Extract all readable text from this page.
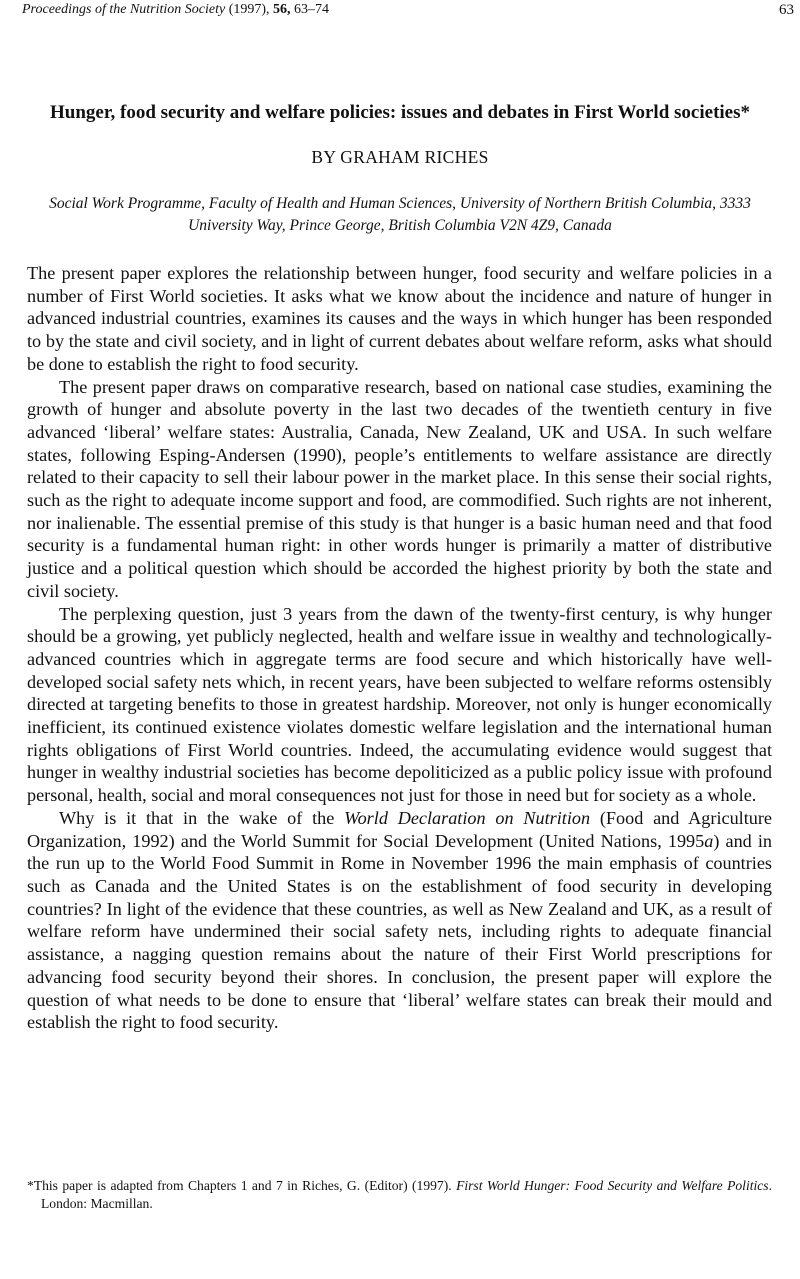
Proceedings of the Nutrition Society (1997), 56, 63–74	63
Hunger, food security and welfare policies: issues and debates in First World societies*
BY GRAHAM RICHES
Social Work Programme, Faculty of Health and Human Sciences, University of Northern British Columbia, 3333 University Way, Prince George, British Columbia V2N 4Z9, Canada

The present paper explores the relationship between hunger, food security and welfare policies in a number of First World societies. It asks what we know about the incidence and nature of hunger in advanced industrial countries, examines its causes and the ways in which hunger has been responded to by the state and civil society, and in light of current debates about welfare reform, asks what should be done to establish the right to food security.

The present paper draws on comparative research, based on national case studies, examining the growth of hunger and absolute poverty in the last two decades of the twentieth century in five advanced ‘liberal’ welfare states: Australia, Canada, New Zealand, UK and USA. In such welfare states, following Esping-Andersen (1990), people’s entitlements to welfare assistance are directly related to their capacity to sell their labour power in the market place. In this sense their social rights, such as the right to adequate income support and food, are commodified. Such rights are not inherent, nor inalienable. The essential premise of this study is that hunger is a basic human need and that food security is a fundamental human right: in other words hunger is primarily a matter of distributive justice and a political question which should be accorded the highest priority by both the state and civil society.

The perplexing question, just 3 years from the dawn of the twenty-first century, is why hunger should be a growing, yet publicly neglected, health and welfare issue in wealthy and technologically-advanced countries which in aggregate terms are food secure and which historically have well-developed social safety nets which, in recent years, have been subjected to welfare reforms ostensibly directed at targeting benefits to those in greatest hardship. Moreover, not only is hunger economically inefficient, its continued existence violates domestic welfare legislation and the international human rights obligations of First World countries. Indeed, the accumulating evidence would suggest that hunger in wealthy industrial societies has become depoliticized as a public policy issue with profound personal, health, social and moral consequences not just for those in need but for society as a whole.

Why is it that in the wake of the World Declaration on Nutrition (Food and Agriculture Organization, 1992) and the World Summit for Social Development (United Nations, 1995a) and in the run up to the World Food Summit in Rome in November 1996 the main emphasis of countries such as Canada and the United States is on the establishment of food security in developing countries? In light of the evidence that these countries, as well as New Zealand and UK, as a result of welfare reform have undermined their social safety nets, including rights to adequate financial assistance, a nagging question remains about the nature of their First World prescriptions for advancing food security beyond their shores. In conclusion, the present paper will explore the question of what needs to be done to ensure that ‘liberal’ welfare states can break their mould and establish the right to food security.

*This paper is adapted from Chapters 1 and 7 in Riches, G. (Editor) (1997). First World Hunger: Food Security and Welfare Politics. London: Macmillan.
